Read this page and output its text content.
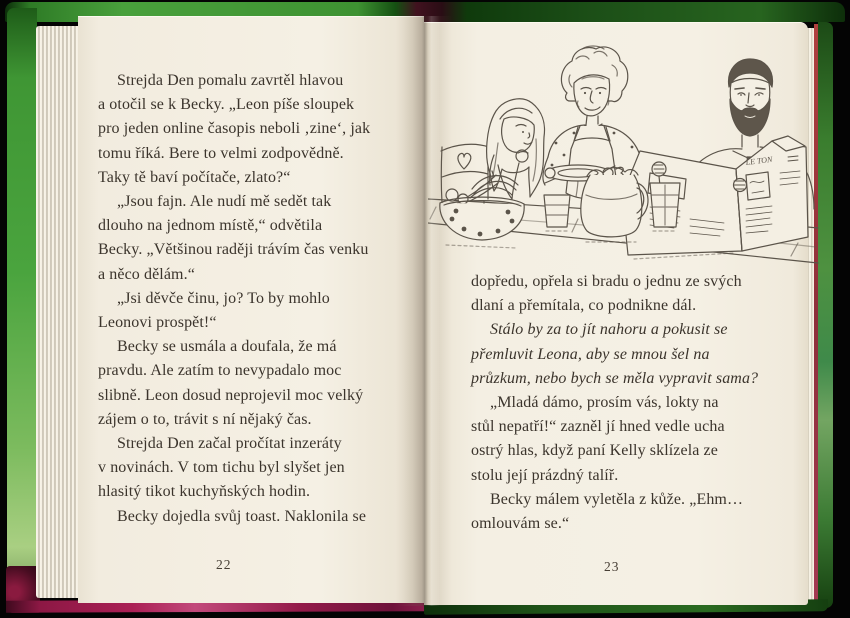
Strejda Den pomalu zavrtěl hlavou
a otočil se k Becky. „Leon píše sloupek
pro jeden online časopis neboli ‚zine‘, jak
tomu říká. Bere to velmi zodpovědně.
Taky tě baví počítače, zlato?“
„Jsou fajn. Ale nudí mě sedět tak
dlouho na jednom místě,“ odvětila
Becky. „Většinou raději trávím čas venku
a něco dělám.“
„Jsi děvče činu, jo? To by mohlo
Leonovi prospět!“
Becky se usmála a doufala, že má
pravdu. Ale zatím to nevypadalo moc
slibně. Leon dosud neprojevil moc velký
zájem o to, trávit s ní nějaký čas.
Strejda Den začal pročítat inzeráty
v novinách. V tom tichu byl slyšet jen
hlasitý tikot kuchyňských hodin.
Becky dojedla svůj toast. Naklonila se
22
LE TON
dopředu, opřela si bradu o jednu ze svých
dlaní a přemítala, co podnikne dál.
Stálo by za to jít nahoru a pokusit se
přemluvit Leona, aby se mnou šel na
průzkum, nebo bych se měla vypravit sama?
„Mladá dámo, prosím vás, lokty na
stůl nepatří!“ zazněl jí hned vedle ucha
ostrý hlas, když paní Kelly sklízela ze
stolu její prázdný talíř.
Becky málem vyletěla z kůže. „Ehm…
omlouvám se.“
23
